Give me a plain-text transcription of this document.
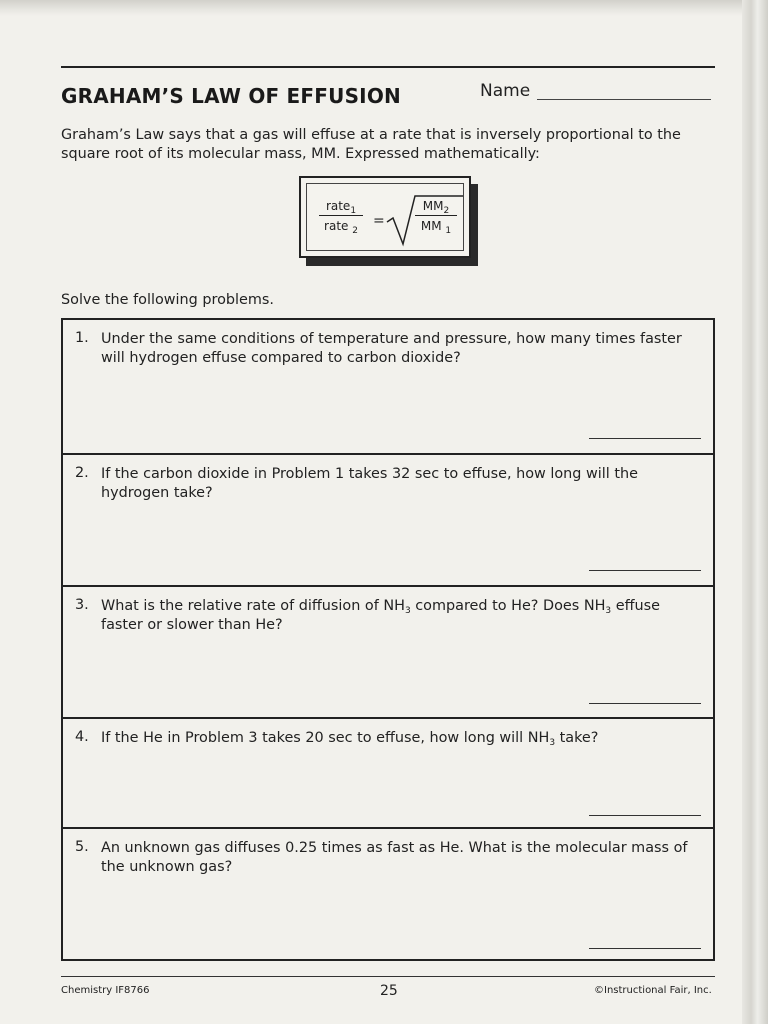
GRAHAM’S LAW OF EFFUSION	Name
Graham’s Law says that a gas will effuse at a rate that is inversely proportional to the square root of its molecular mass, MM. Expressed mathematically:
rate$_1$
rate $_2$
=
$MM_2$
MM $_1$
Solve the following problems.
1. Under the same conditions of temperature and pressure, how many times faster will hydrogen effuse compared to carbon dioxide?
2. If the carbon dioxide in Problem 1 takes 32 sec to effuse, how long will the hydrogen take?
3. What is the relative rate of diffusion of $NH_3$ compared to He? Does $NH_3$ effuse faster or slower than He?
4. If the He in Problem 3 takes 20 sec to effuse, how long will $NH_3$ take?
5. An unknown gas diffuses 0.25 times as fast as He. What is the molecular mass of the unknown gas?
Chemistry IF8766	25	©Instructional Fair, Inc.
